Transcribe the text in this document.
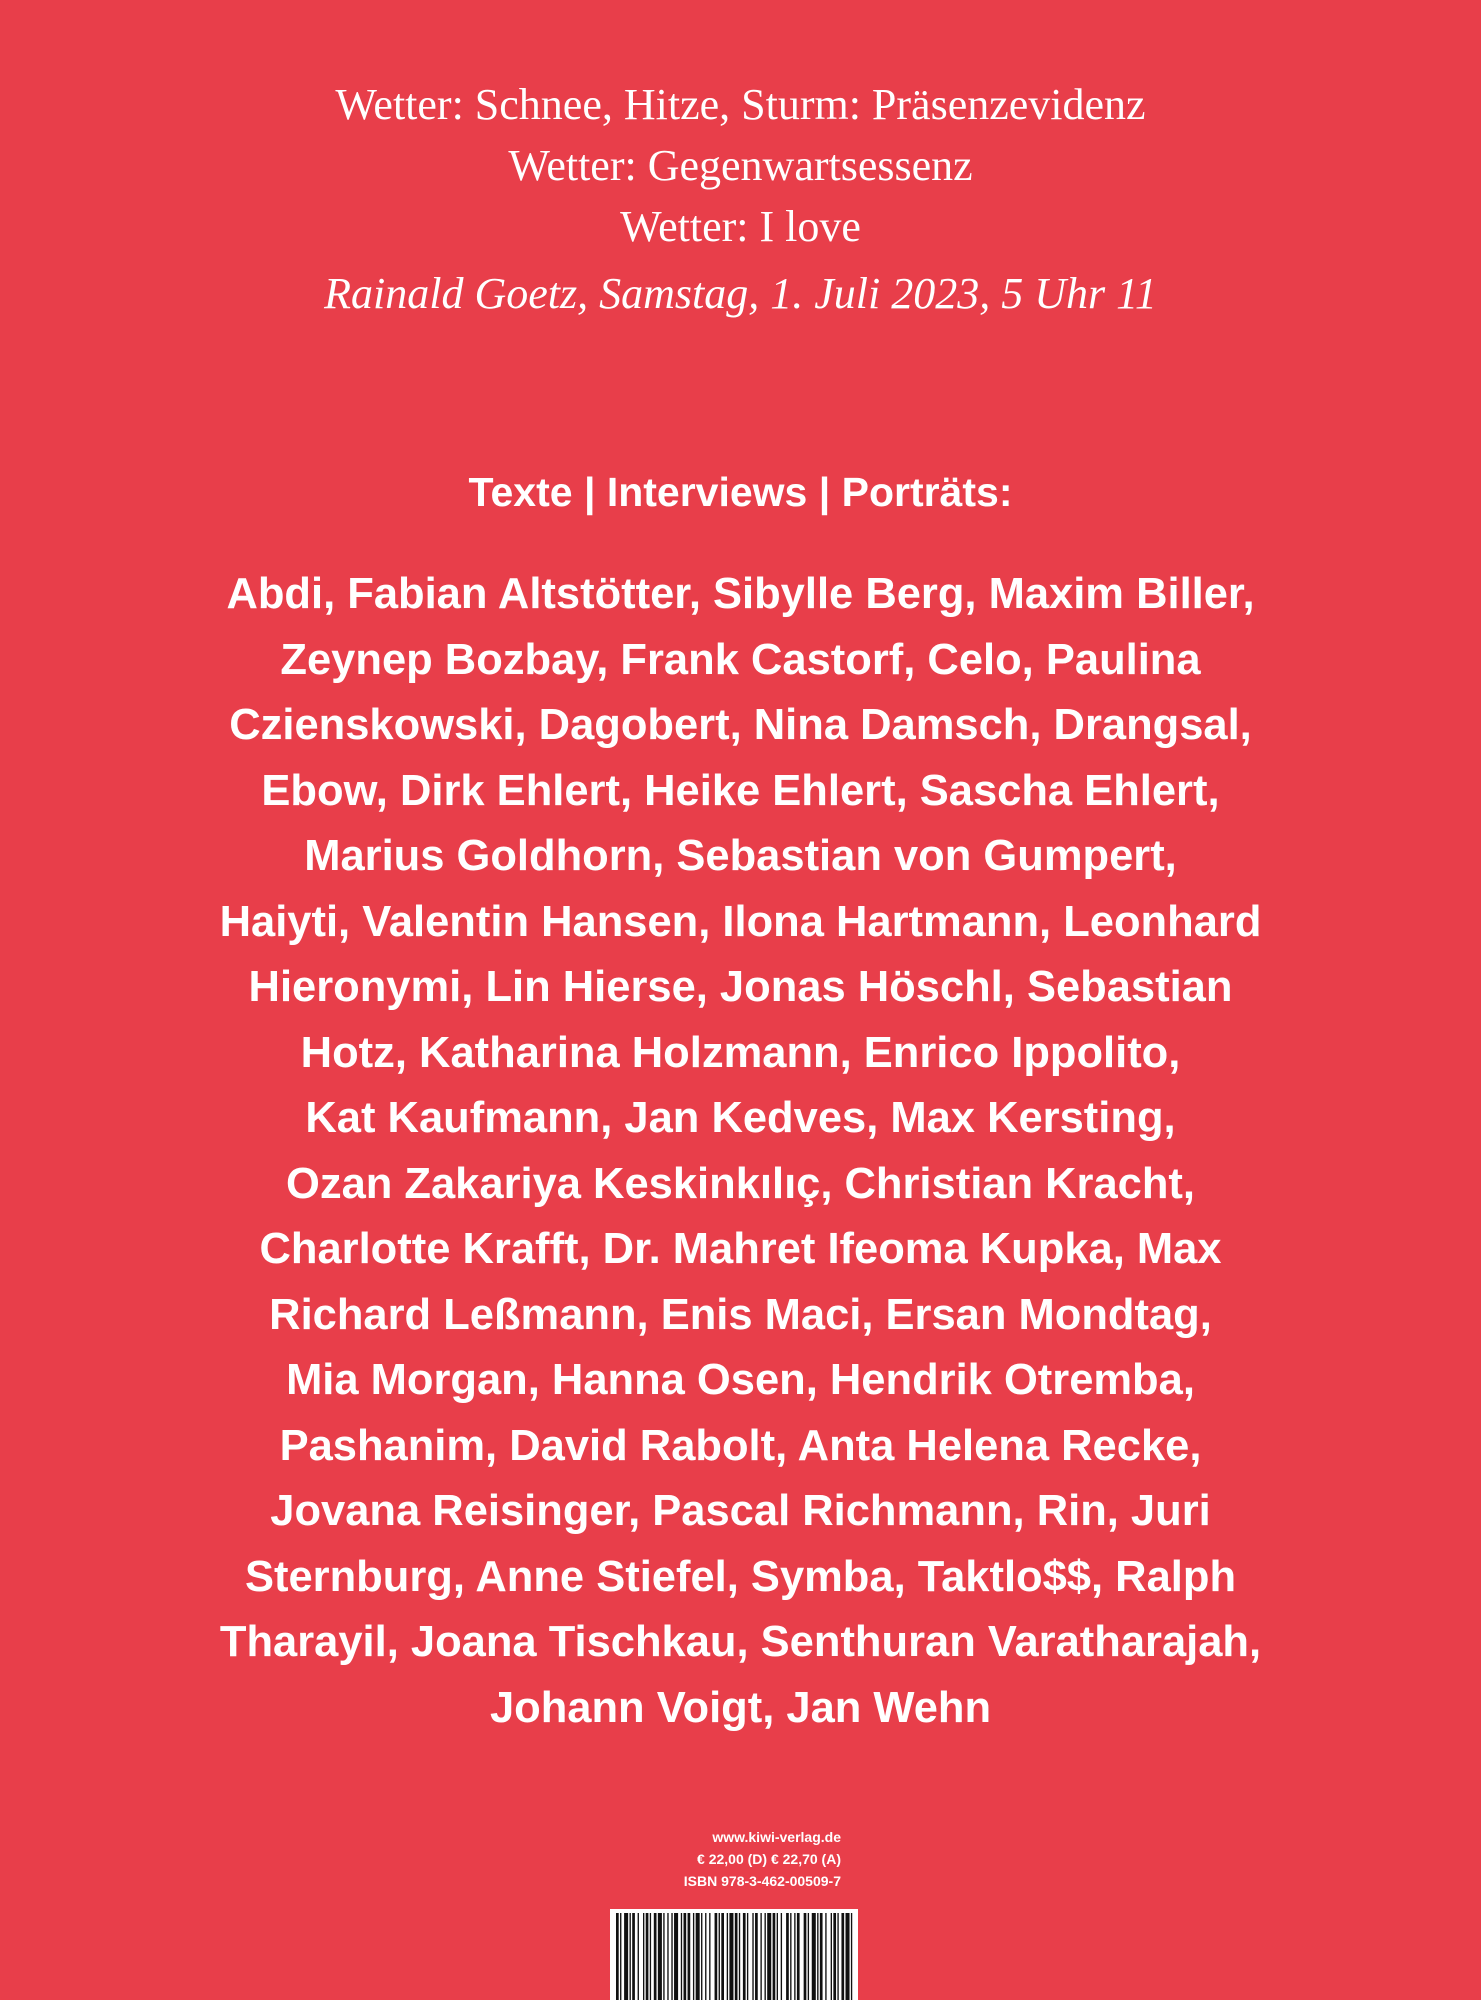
Wetter: Schnee, Hitze, Sturm: Präsenzevidenz
Wetter: Gegenwartsessenz
Wetter: I love
Rainald Goetz, Samstag, 1. Juli 2023, 5 Uhr 11
Texte | Interviews | Porträts:
Abdi, Fabian Altstötter, Sibylle Berg, Maxim Biller,
Zeynep Bozbay, Frank Castorf, Celo, Paulina
Czienskowski, Dagobert, Nina Damsch, Drangsal,
Ebow, Dirk Ehlert, Heike Ehlert, Sascha Ehlert,
Marius Goldhorn, Sebastian von Gumpert,
Haiyti, Valentin Hansen, Ilona Hartmann, Leonhard
Hieronymi, Lin Hierse, Jonas Höschl, Sebastian
Hotz, Katharina Holzmann, Enrico Ippolito,
Kat Kaufmann, Jan Kedves, Max Kersting,
Ozan Zakariya Keskinkılıç, Christian Kracht,
Charlotte Krafft, Dr. Mahret Ifeoma Kupka, Max
Richard Leßmann, Enis Maci, Ersan Mondtag,
Mia Morgan, Hanna Osen, Hendrik Otremba,
Pashanim, David Rabolt, Anta Helena Recke,
Jovana Reisinger, Pascal Richmann, Rin, Juri
Sternburg, Anne Stiefel, Symba, Taktlo$$, Ralph
Tharayil, Joana Tischkau, Senthuran Varatharajah,
Johann Voigt, Jan Wehn
www.kiwi-verlag.de
€ 22,00 (D) € 22,70 (A)
ISBN 978-3-462-00509-7
